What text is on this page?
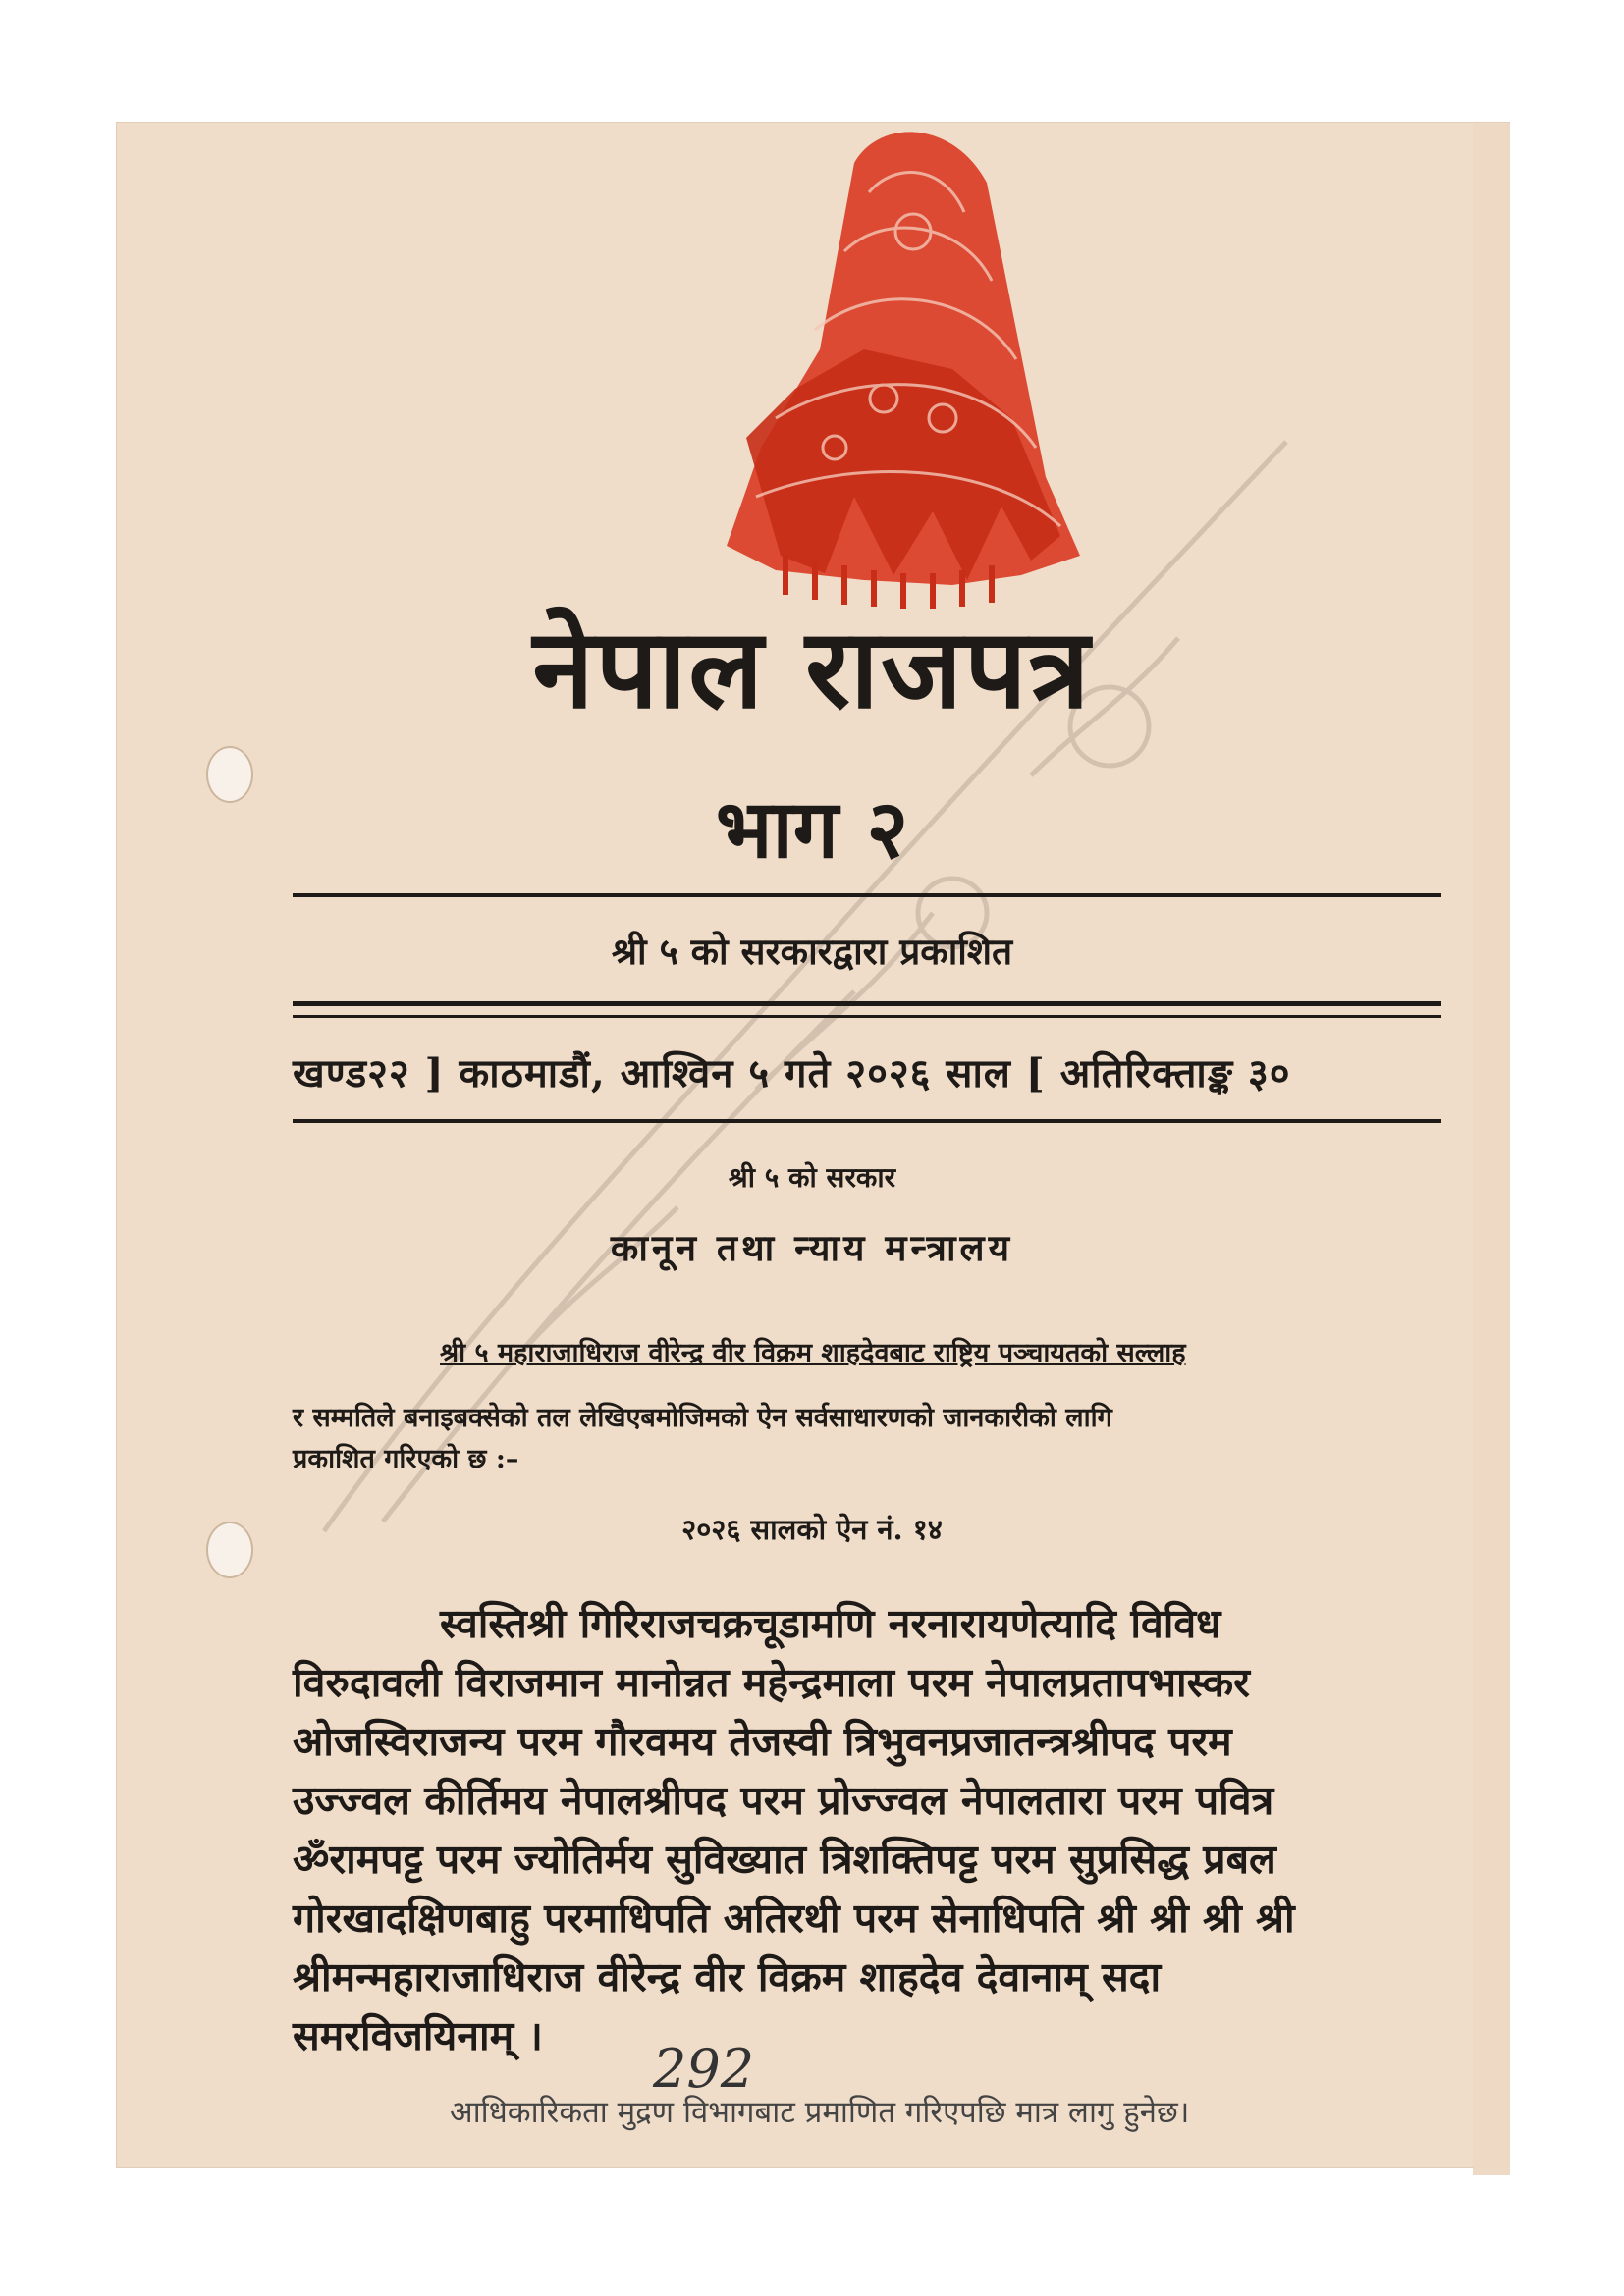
नेपाल राजपत्र
भाग २
श्री ५ को सरकारद्वारा प्रकाशित
खण्ड२२ ] काठमाडौं, आश्विन ५ गते २०२६ साल [ अतिरिक्ताङ्क ३०
श्री ५ को सरकार
कानून तथा न्याय मन्त्रालय
श्री ५ महाराजाधिराज वीरेन्द्र वीर विक्रम शाहदेवबाट राष्ट्रिय पञ्चायतको सल्लाह
र सम्मतिले बनाइबक्सेको तल लेखिएबमोजिमको ऐन सर्वसाधारणको जानकारीको लागि
प्रकाशित गरिएको छ :–
२०२६ सालको ऐन नं. १४
स्वस्तिश्री गिरिराजचक्रचूडामणि नरनारायणेत्यादि विविध
विरुदावली विराजमान मानोन्नत महेन्द्रमाला परम नेपालप्रतापभास्कर
ओजस्विराजन्य परम गौरवमय तेजस्वी त्रिभुवनप्रजातन्त्रश्रीपद परम
उज्ज्वल कीर्तिमय नेपालश्रीपद परम प्रोज्ज्वल नेपालतारा परम पवित्र
ॐरामपट्ट परम ज्योतिर्मय सुविख्यात त्रिशक्तिपट्ट परम सुप्रसिद्ध प्रबल
गोरखादक्षिणबाहु परमाधिपति अतिरथी परम सेनाधिपति श्री श्री श्री श्री
श्रीमन्महाराजाधिराज वीरेन्द्र वीर विक्रम शाहदेव देवानाम् सदा
समरविजयिनाम् ।
292
आधिकारिकता मुद्रण विभागबाट प्रमाणित गरिएपछि मात्र लागु हुनेछ।
